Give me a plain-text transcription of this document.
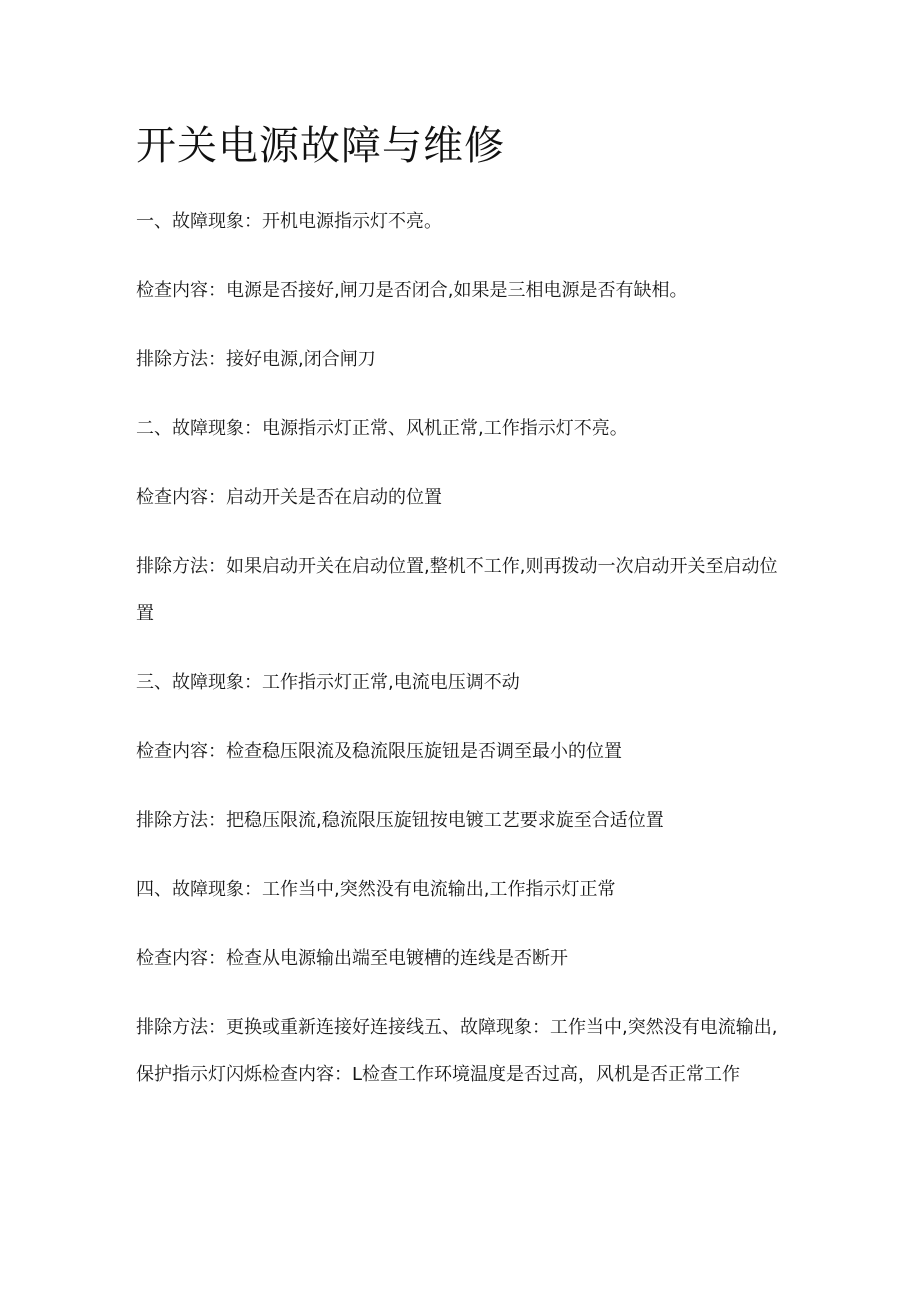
开关电源故障与维修

一、故障现象：开机电源指示灯不亮。

检查内容：电源是否接好,闸刀是否闭合,如果是三相电源是否有缺相。

排除方法：接好电源,闭合闸刀

二、故障现象：电源指示灯正常、风机正常,工作指示灯不亮。

检查内容：启动开关是否在启动的位置

排除方法：如果启动开关在启动位置,整机不工作,则再拨动一次启动开关至启动位置

三、故障现象：工作指示灯正常,电流电压调不动

检查内容：检查稳压限流及稳流限压旋钮是否调至最小的位置

排除方法：把稳压限流,稳流限压旋钮按电镀工艺要求旋至合适位置

四、故障现象：工作当中,突然没有电流输出,工作指示灯正常

检查内容：检查从电源输出端至电镀槽的连线是否断开

排除方法：更换或重新连接好连接线五、故障现象：工作当中,突然没有电流输出,保护指示灯闪烁检查内容：L检查工作环境温度是否过高，风机是否正常工作
